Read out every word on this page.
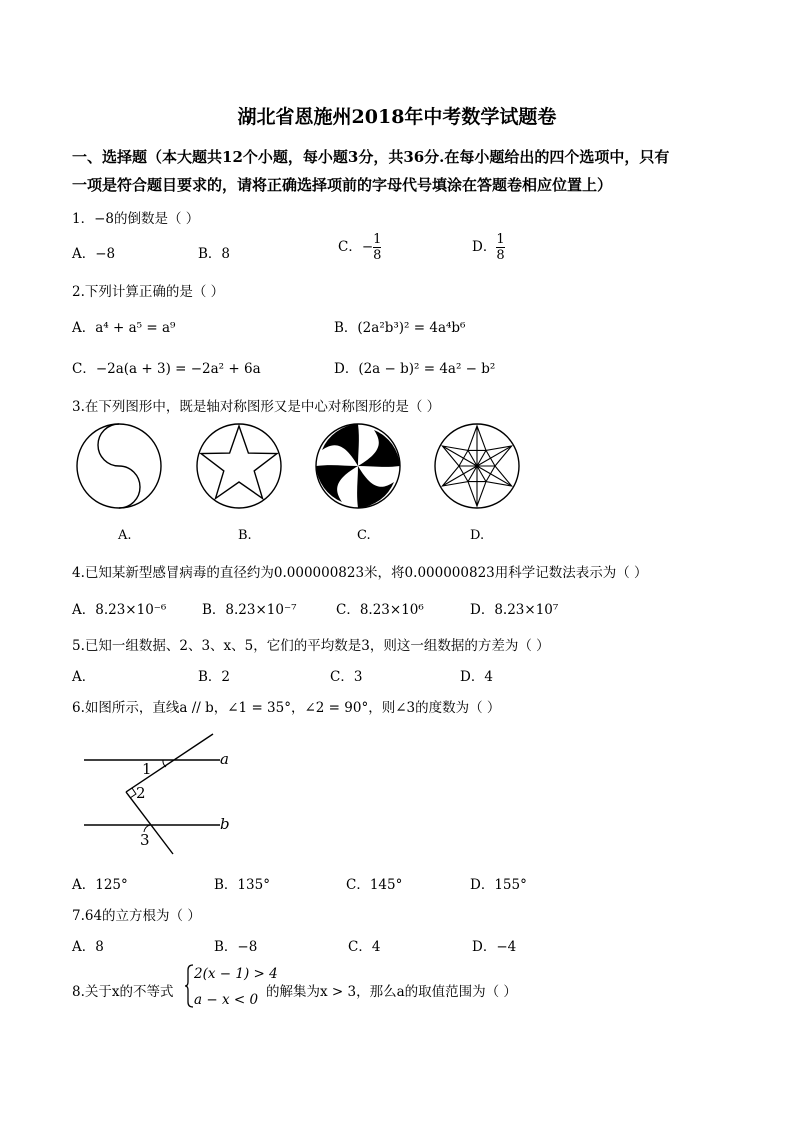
湖北省恩施州2018年中考数学试题卷
一、选择题（本大题共12个小题，每小题3分，共36分.在每小题给出的四个选项中，只有
一项是符合题目要求的，请将正确选择项前的字母代号填涂在答题卷相应位置上）
1．−8的倒数是（ ）
A．−8	B．8	C．− $\frac{1}{8}$	D． $\frac{1}{8}$
2.下列计算正确的是（ ）
A．a⁴ + a⁵ = a⁹	B．(2a²b³)² = 4a⁴b⁶
C．−2a(a + 3) = −2a² + 6a	D．(2a − b)² = 4a² − b²
3.在下列图形中，既是轴对称图形又是中心对称图形的是（ ）
A.	B.	C.	D.
4.已知某新型感冒病毒的直径约为0.000000823米，将0.000000823用科学记数法表示为（ ）
A．8.23×10⁻⁶	B．8.23×10⁻⁷	C．8.23×10⁶	D．8.23×10⁷
5.已知一组数据、2、3、x、5，它们的平均数是3，则这一组数据的方差为（ ）
A．	B．2	C．3	D．4
6.如图所示，直线a // b，∠1 = 35°，∠2 = 90°，则∠3的度数为（ ）
a
b
1
2
3
A．125°	B．135°	C．145°	D．155°
7.64的立方根为（ ）
A．8	B．−8	C．4	D．−4
8.关于x的不等式
2(x − 1) > 4
a − x < 0 的解集为x > 3，那么a的取值范围为（ ）
